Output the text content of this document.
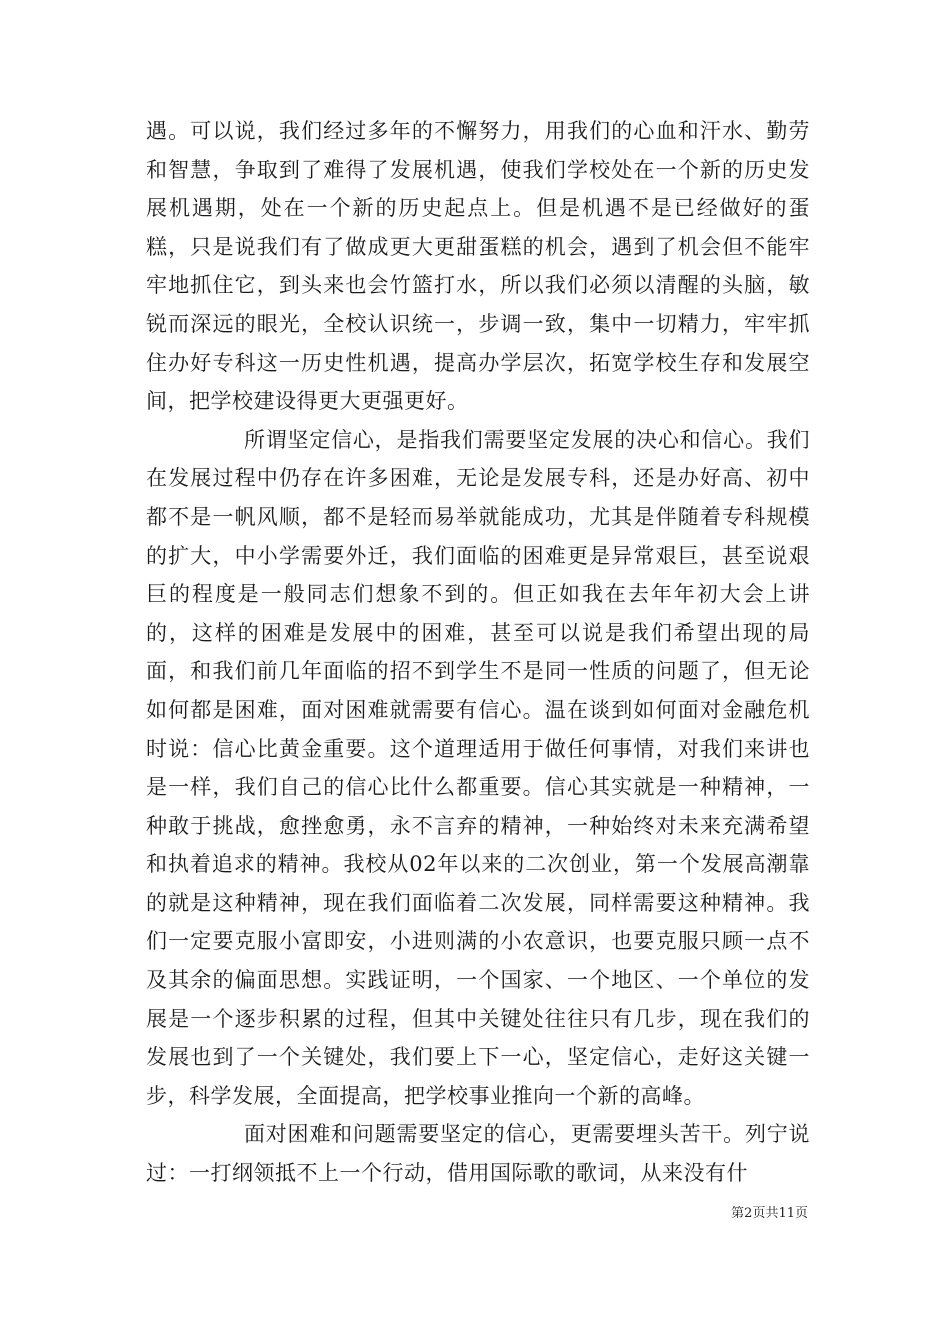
遇。可以说，我们经过多年的不懈努力，用我们的心血和汗水、勤劳和智慧，争取到了难得了发展机遇，使我们学校处在一个新的历史发展机遇期，处在一个新的历史起点上。但是机遇不是已经做好的蛋糕，只是说我们有了做成更大更甜蛋糕的机会，遇到了机会但不能牢牢地抓住它，到头来也会竹篮打水，所以我们必须以清醒的头脑，敏锐而深远的眼光，全校认识统一，步调一致，集中一切精力，牢牢抓住办好专科这一历史性机遇，提高办学层次，拓宽学校生存和发展空间，把学校建设得更大更强更好。

所谓坚定信心，是指我们需要坚定发展的决心和信心。我们在发展过程中仍存在许多困难，无论是发展专科，还是办好高、初中都不是一帆风顺，都不是轻而易举就能成功，尤其是伴随着专科规模的扩大，中小学需要外迁，我们面临的困难更是异常艰巨，甚至说艰巨的程度是一般同志们想象不到的。但正如我在去年年初大会上讲的，这样的困难是发展中的困难，甚至可以说是我们希望出现的局面，和我们前几年面临的招不到学生不是同一性质的问题了，但无论如何都是困难，面对困难就需要有信心。温在谈到如何面对金融危机时说：信心比黄金重要。这个道理适用于做任何事情，对我们来讲也是一样，我们自己的信心比什么都重要。信心其实就是一种精神，一种敢于挑战，愈挫愈勇，永不言弃的精神，一种始终对未来充满希望和执着追求的精神。我校从02年以来的二次创业，第一个发展高潮靠的就是这种精神，现在我们面临着二次发展，同样需要这种精神。我们一定要克服小富即安，小进则满的小农意识，也要克服只顾一点不及其余的偏面思想。实践证明，一个国家、一个地区、一个单位的发展是一个逐步积累的过程，但其中关键处往往只有几步，现在我们的发展也到了一个关键处，我们要上下一心，坚定信心，走好这关键一步，科学发展，全面提高，把学校事业推向一个新的高峰。

面对困难和问题需要坚定的信心，更需要埋头苦干。列宁说过：一打纲领抵不上一个行动，借用国际歌的歌词，从来没有什

第2页共11页
